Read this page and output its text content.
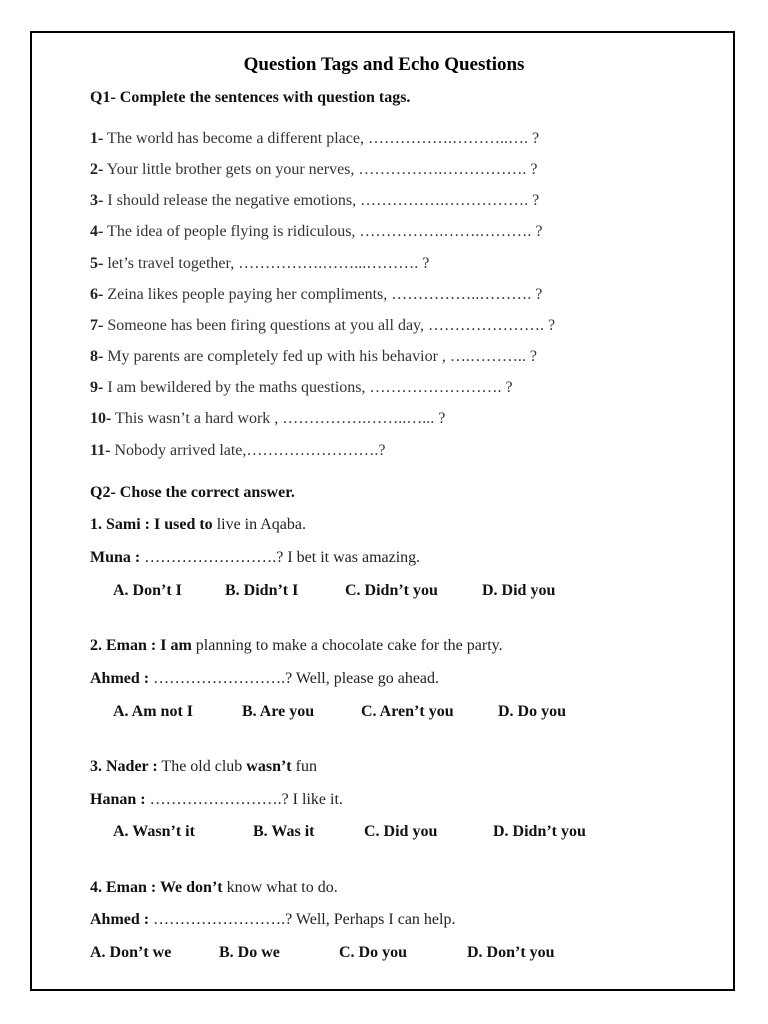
Question Tags and Echo Questions
Q1- Complete the sentences with question tags.
1- The world has become a different place, …………….………..…. ?
2- Your little brother gets on your nerves, …………….……………. ?
3- I should release the negative emotions, …………….……………. ?
4- The idea of people flying is ridiculous, …………….…….………. ?
5- let’s travel together, …………….……...………. ?
6- Zeina likes people paying her compliments, ……………..………. ?
7- Someone has been firing questions at you all day, …………………. ?
8- My parents are completely fed up with his behavior , ….……….. ?
9- I am bewildered by the maths questions, ……………………. ?
10- This wasn’t a hard work , …………….……..…... ?
11- Nobody arrived late,…………………….?
Q2- Chose the correct answer.
1. Sami : I used to live in Aqaba.
Muna : …………………….? I bet it was amazing.
A. Don’t I	B. Didn’t I	C. Didn’t you	D. Did you
2. Eman : I am planning to make a chocolate cake for the party.
Ahmed : …………………….? Well, please go ahead.
A. Am not I	B. Are you	C. Aren’t you	D. Do you
3. Nader : The old club wasn’t fun
Hanan : …………………….? I like it.
A. Wasn’t it	B. Was it	C. Did you	D. Didn’t you
4. Eman : We don’t know what to do.
Ahmed : …………………….? Well, Perhaps I can help.
A. Don’t we	B. Do we	C. Do you	D. Don’t you
